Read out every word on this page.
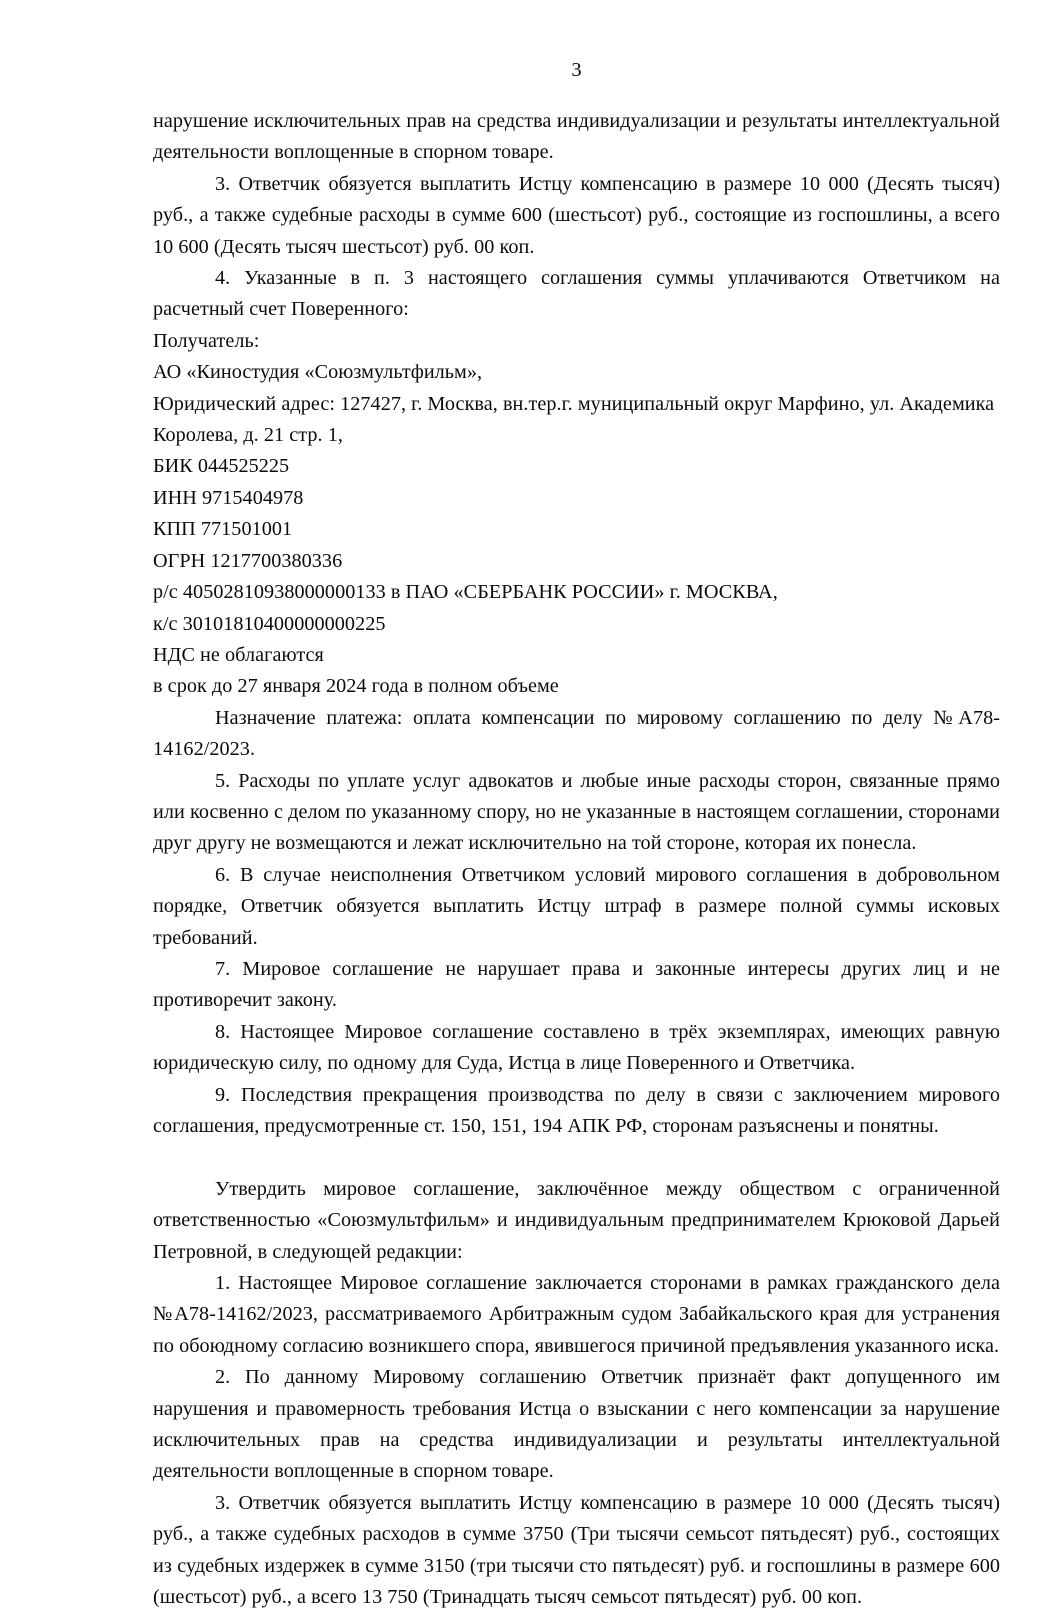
3

нарушение исключительных прав на средства индивидуализации и результаты интеллектуальной деятельности воплощенные в спорном товаре.

3. Ответчик обязуется выплатить Истцу компенсацию в размере 10 000 (Десять тысяч) руб., а также судебные расходы в сумме 600 (шестьсот) руб., состоящие из госпошлины, а всего 10 600 (Десять тысяч шестьсот) руб. 00 коп.

4. Указанные в п. 3 настоящего соглашения суммы уплачиваются Ответчиком на расчетный счет Поверенного:

Получатель:

АО «Киностудия «Союзмультфильм»,

Юридический адрес: 127427, г. Москва, вн.тер.г. муниципальный округ Марфино, ул. Академика Королева, д. 21 стр. 1,

БИК 044525225

ИНН 9715404978

КПП 771501001

ОГРН 1217700380336

р/с 40502810938000000133 в ПАО «СБЕРБАНК РОССИИ» г. МОСКВА,

к/с 30101810400000000225

НДС не облагаются

в срок до 27 января 2024 года в полном объеме

Назначение платежа: оплата компенсации по мировому соглашению по делу №А78-14162/2023.

5. Расходы по уплате услуг адвокатов и любые иные расходы сторон, связанные прямо или косвенно с делом по указанному спору, но не указанные в настоящем соглашении, сторонами друг другу не возмещаются и лежат исключительно на той стороне, которая их понесла.

6. В случае неисполнения Ответчиком условий мирового соглашения в добровольном порядке, Ответчик обязуется выплатить Истцу штраф в размере полной суммы исковых требований.

7. Мировое соглашение не нарушает права и законные интересы других лиц и не противоречит закону.

8. Настоящее Мировое соглашение составлено в трёх экземплярах, имеющих равную юридическую силу, по одному для Суда, Истца в лице Поверенного и Ответчика.

9. Последствия прекращения производства по делу в связи с заключением мирового соглашения, предусмотренные ст. 150, 151, 194 АПК РФ, сторонам разъяснены и понятны.

Утвердить мировое соглашение, заключённое между обществом с ограниченной ответственностью «Союзмультфильм» и индивидуальным предпринимателем Крюковой Дарьей Петровной, в следующей редакции:

1. Настоящее Мировое соглашение заключается сторонами в рамках гражданского дела №А78-14162/2023, рассматриваемого Арбитражным судом Забайкальского края для устранения по обоюдному согласию возникшего спора, явившегося причиной предъявления указанного иска.

2. По данному Мировому соглашению Ответчик признаёт факт допущенного им нарушения и правомерность требования Истца о взыскании с него компенсации за нарушение исключительных прав на средства индивидуализации и результаты интеллектуальной деятельности воплощенные в спорном товаре.

3. Ответчик обязуется выплатить Истцу компенсацию в размере 10 000 (Десять тысяч) руб., а также судебных расходов в сумме 3750 (Три тысячи семьсот пятьдесят) руб., состоящих из судебных издержек в сумме 3150 (три тысячи сто пятьдесят) руб. и госпошлины в размере 600 (шестьсот) руб., а всего 13 750 (Тринадцать тысяч семьсот пятьдесят) руб. 00 коп.
